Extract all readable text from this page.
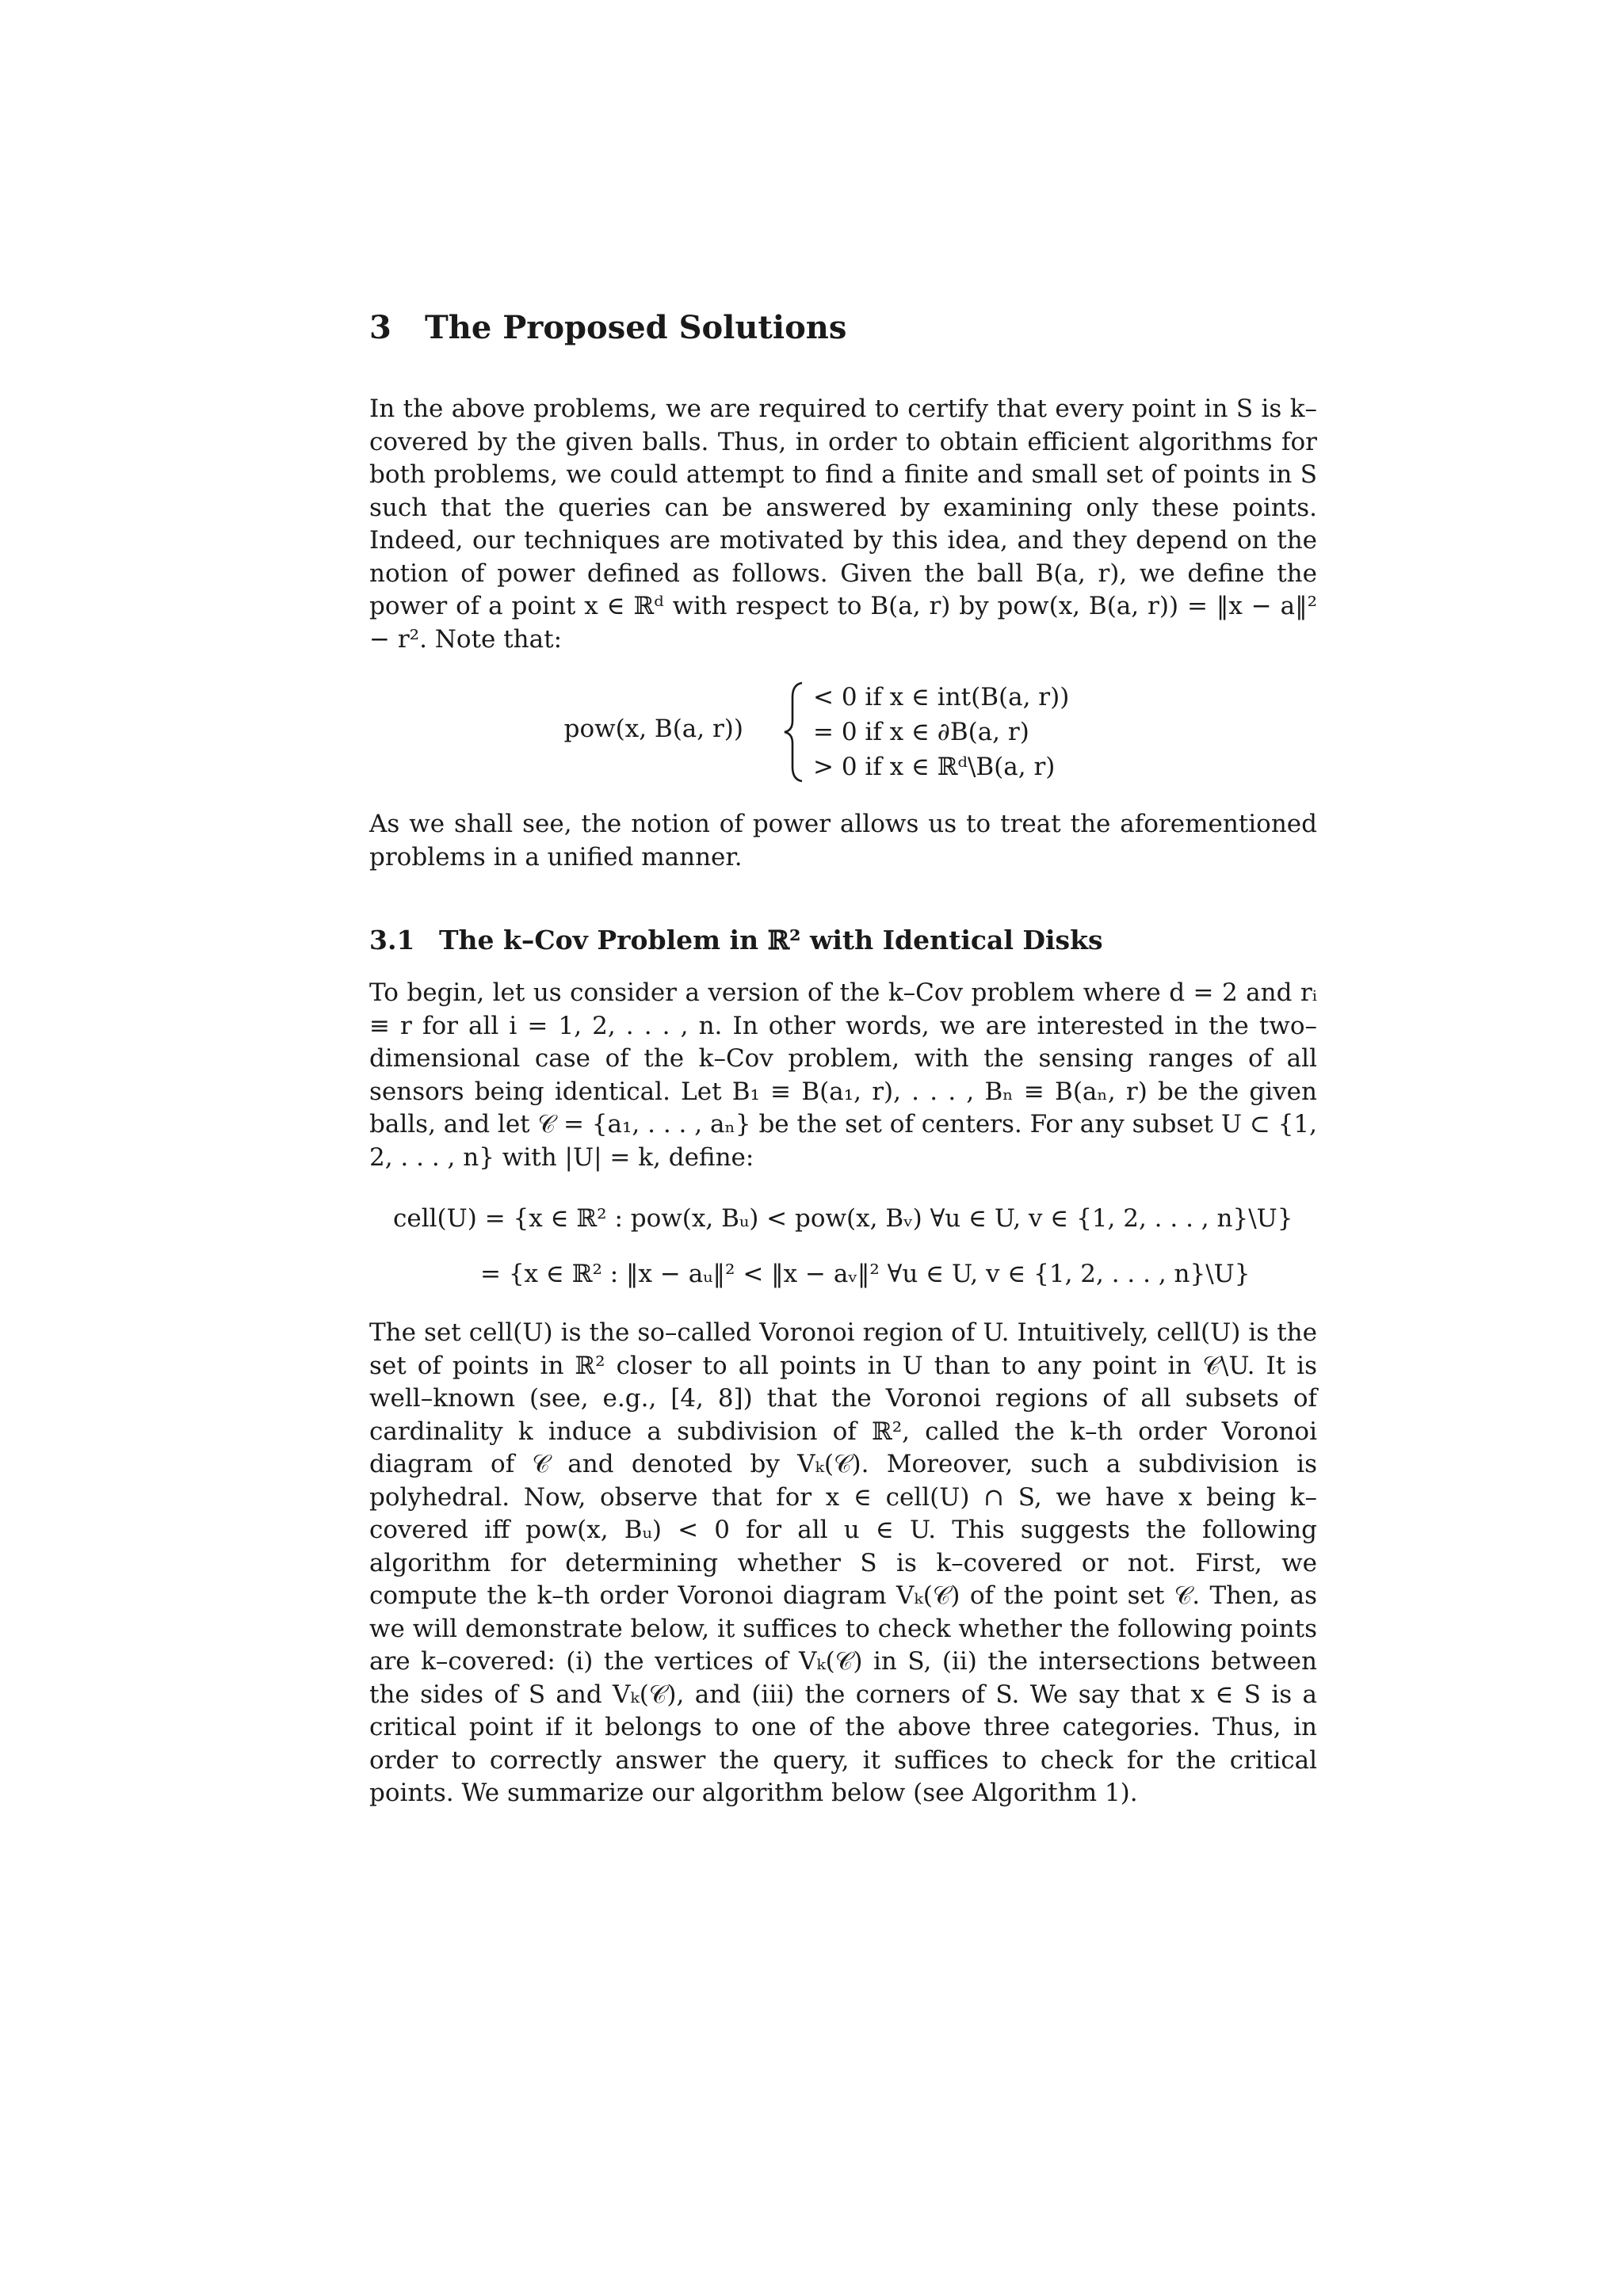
3	The Proposed Solutions

In the above problems, we are required to certify that every point in S is k–covered by the given balls. Thus, in order to obtain efficient algorithms for both problems, we could attempt to find a finite and small set of points in S such that the queries can be answered by examining only these points. Indeed, our techniques are motivated by this idea, and they depend on the notion of power defined as follows. Given the ball B(a, r), we define the power of a point x ∈ ℝᵈ with respect to B(a, r) by pow(x, B(a, r)) = ‖x − a‖² − r². Note that:

pow(x, B(a, r))
< 0 if x ∈ int(B(a, r))
= 0 if x ∈ ∂B(a, r)
> 0 if x ∈ ℝᵈ\B(a, r)

As we shall see, the notion of power allows us to treat the aforementioned problems in a unified manner.

3.1 The k–Cov Problem in ℝ² with Identical Disks

To begin, let us consider a version of the k–Cov problem where d = 2 and rᵢ ≡ r for all i = 1, 2, . . . , n. In other words, we are interested in the two–dimensional case of the k–Cov problem, with the sensing ranges of all sensors being identical. Let B₁ ≡ B(a₁, r), . . . , Bₙ ≡ B(aₙ, r) be the given balls, and let 𝒞 = {a₁, . . . , aₙ} be the set of centers. For any subset U ⊂ {1, 2, . . . , n} with |U| = k, define:

cell(U) = {x ∈ ℝ² : pow(x, Bᵤ) < pow(x, Bᵥ) ∀u ∈ U, v ∈ {1, 2, . . . , n}\U}
= {x ∈ ℝ² : ‖x − aᵤ‖² < ‖x − aᵥ‖² ∀u ∈ U, v ∈ {1, 2, . . . , n}\U}

The set cell(U) is the so–called Voronoi region of U. Intuitively, cell(U) is the set of points in ℝ² closer to all points in U than to any point in 𝒞\U. It is well–known (see, e.g., [4, 8]) that the Voronoi regions of all subsets of cardinality k induce a subdivision of ℝ², called the k–th order Voronoi diagram of 𝒞 and denoted by Vₖ(𝒞). Moreover, such a subdivision is polyhedral. Now, observe that for x ∈ cell(U) ∩ S, we have x being k–covered iff pow(x, Bᵤ) < 0 for all u ∈ U. This suggests the following algorithm for determining whether S is k–covered or not. First, we compute the k–th order Voronoi diagram Vₖ(𝒞) of the point set 𝒞. Then, as we will demonstrate below, it suffices to check whether the following points are k–covered: (i) the vertices of Vₖ(𝒞) in S, (ii) the intersections between the sides of S and Vₖ(𝒞), and (iii) the corners of S. We say that x ∈ S is a critical point if it belongs to one of the above three categories. Thus, in order to correctly answer the query, it suffices to check for the critical points. We summarize our algorithm below (see Algorithm 1).
